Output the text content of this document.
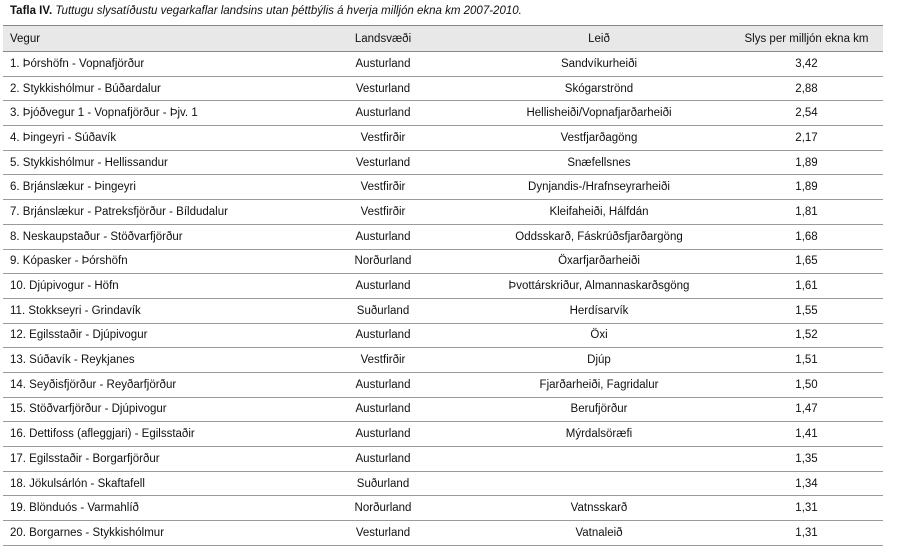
Tafla IV. Tuttugu slysatíðustu vegarkaflar landsins utan þéttbýlis á hverja milljón ekna km 2007-2010.
Vegur	Landsvæði	Leið	Slys per milljón ekna km
1. Þórshöfn - Vopnafjörður	Austurland	Sandvíkurheiði	3,42
2. Stykkishólmur - Búðardalur	Vesturland	Skógarströnd	2,88
3. Þjóðvegur 1 - Vopnafjörður - Þjv. 1	Austurland	Hellisheiði/Vopnafjarðarheiði	2,54
4. Þingeyri - Súðavík	Vestfirðir	Vestfjarðagöng	2,17
5. Stykkishólmur - Hellissandur	Vesturland	Snæfellsnes	1,89
6. Brjánslækur - Þingeyri	Vestfirðir	Dynjandis-/Hrafnseyrarheiði	1,89
7. Brjánslækur - Patreksfjörður - Bíldudalur	Vestfirðir	Kleifaheiði, Hálfdán	1,81
8. Neskaupstaður - Stöðvarfjörður	Austurland	Oddsskarð, Fáskrúðsfjarðargöng	1,68
9. Kópasker - Þórshöfn	Norðurland	Öxarfjarðarheiði	1,65
10. Djúpivogur - Höfn	Austurland	Þvottárskriður, Almannaskarðsgöng	1,61
11. Stokkseyri - Grindavík	Suðurland	Herdísarvík	1,55
12. Egilsstaðir - Djúpivogur	Austurland	Öxi	1,52
13. Súðavík - Reykjanes	Vestfirðir	Djúp	1,51
14. Seyðisfjörður - Reyðarfjörður	Austurland	Fjarðarheiði, Fagridalur	1,50
15. Stöðvarfjörður - Djúpivogur	Austurland	Berufjörður	1,47
16. Dettifoss (afleggjari) - Egilsstaðir	Austurland	Mýrdalsöræfi	1,41
17. Egilsstaðir - Borgarfjörður	Austurland		1,35
18. Jökulsárlón - Skaftafell	Suðurland		1,34
19. Blönduós - Varmahlíð	Norðurland	Vatnsskarð	1,31
20. Borgarnes - Stykkishólmur	Vesturland	Vatnaleið	1,31
